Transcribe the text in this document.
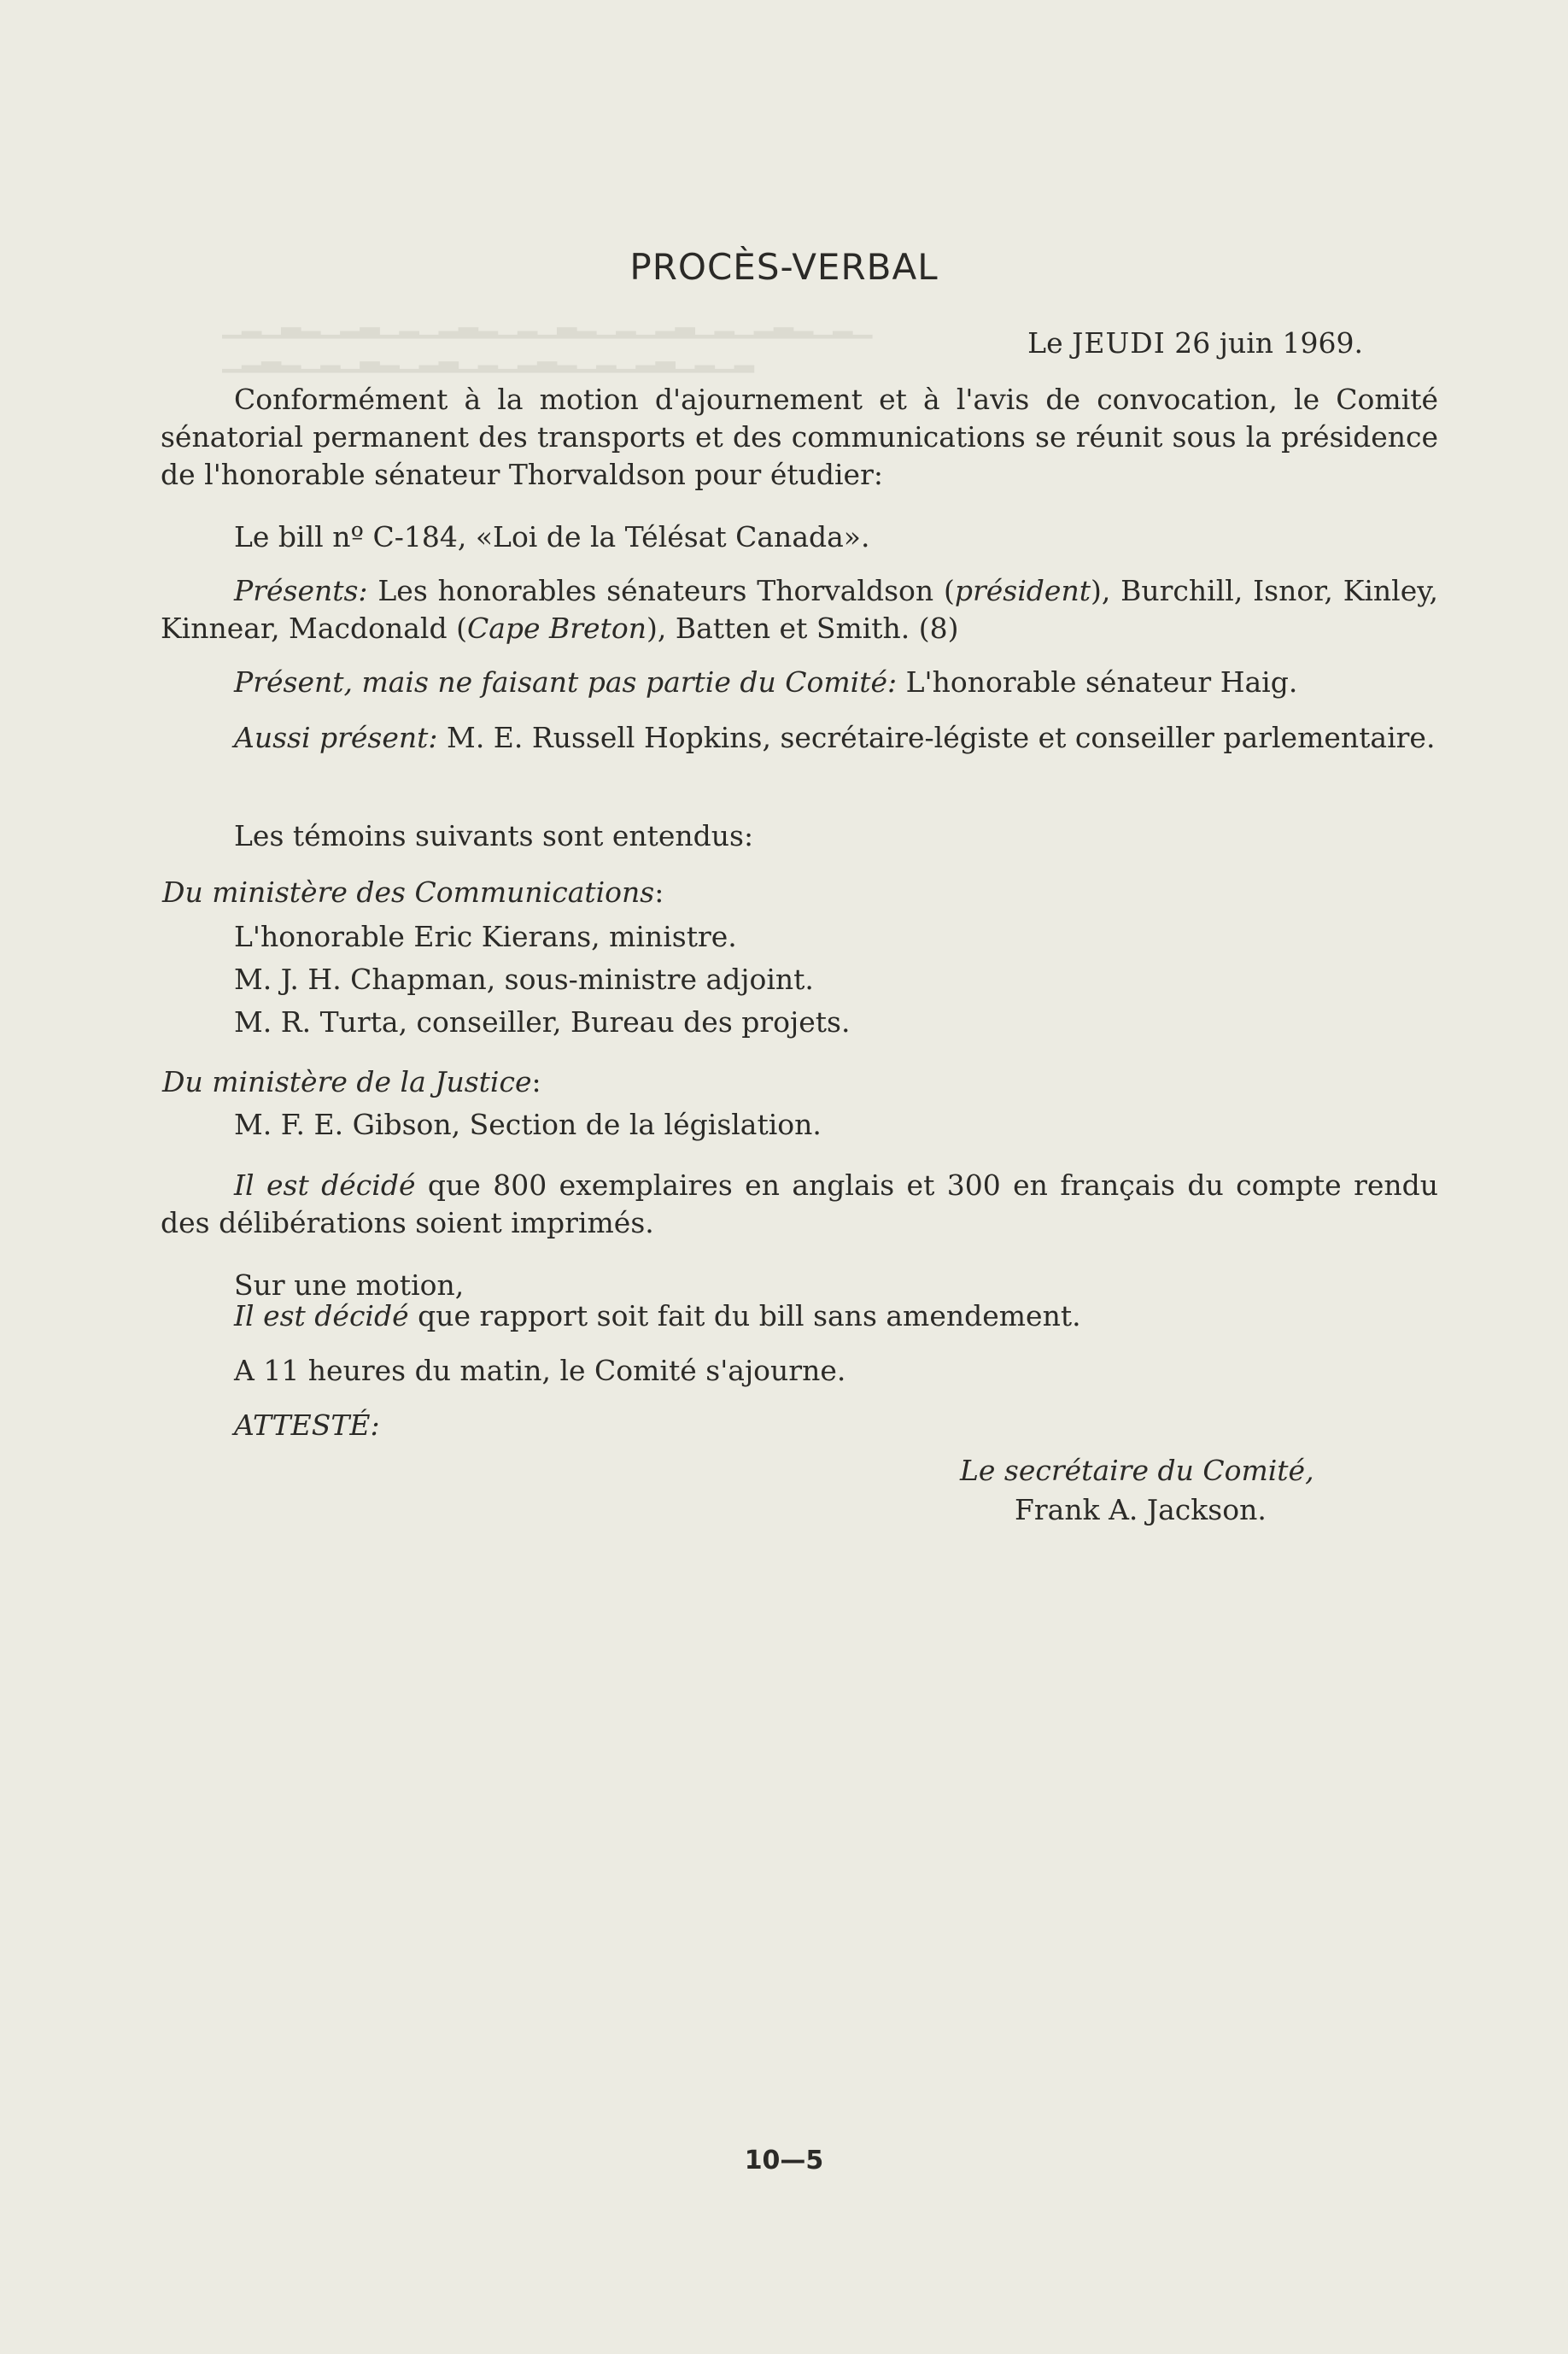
▁▂▁▃▂▁▂▃▁▂▁▂▃▂▁▂▁▃▂▁▂▁▂▃▁▂▁▂▃▂▁▂▁
▁▂▃▂▁▂▁▃▂▁▂▃▁▂▁▂▃▂▁▂▁▂▃▁▂▁▂
PROCÈS-VERBAL
Le JEUDI 26 juin 1969.

Conformément à la motion d'ajournement et à l'avis de convocation, le Comité sénatorial permanent des transports et des communications se réunit sous la présidence de l'honorable sénateur Thorvaldson pour étudier:

Le bill nº C-184, «Loi de la Télésat Canada».

Présents: Les honorables sénateurs Thorvaldson (président), Burchill, Isnor, Kinley, Kinnear, Macdonald (Cape Breton), Batten et Smith. (8)

Présent, mais ne faisant pas partie du Comité: L'honorable sénateur Haig.

Aussi présent: M. E. Russell Hopkins, secrétaire-légiste et conseiller parlementaire.

Les témoins suivants sont entendus:
Du ministère des Communications:
L'honorable Eric Kierans, ministre.
M. J. H. Chapman, sous-ministre adjoint.
M. R. Turta, conseiller, Bureau des projets.
Du ministère de la Justice:
M. F. E. Gibson, Section de la législation.

Il est décidé que 800 exemplaires en anglais et 300 en français du compte rendu des délibérations soient imprimés.

Sur une motion,
Il est décidé que rapport soit fait du bill sans amendement.
A 11 heures du matin, le Comité s'ajourne.
ATTESTÉ:
Le secrétaire du Comité,
Frank A. Jackson.
10—5
